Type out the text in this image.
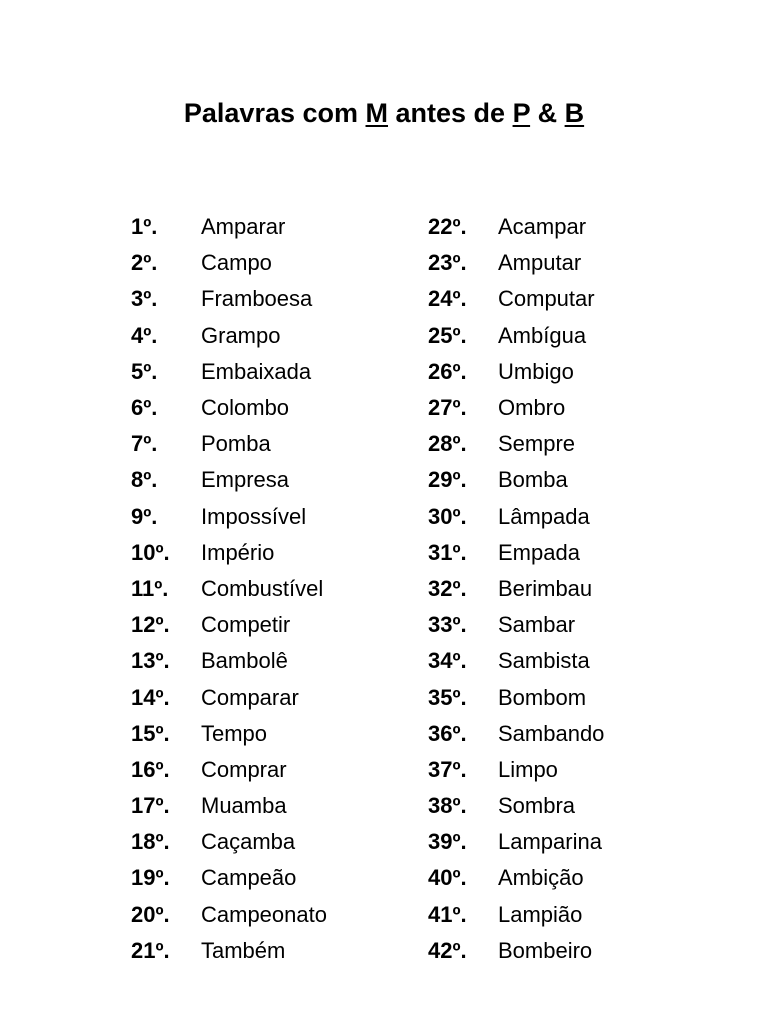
Palavras com M antes de P & B
1º.	Amparar
2º.	Campo
3º.	Framboesa
4º.	Grampo
5º.	Embaixada
6º.	Colombo
7º.	Pomba
8º.	Empresa
9º.	Impossível
10º.	Império
11º.	Combustível
12º.	Competir
13º.	Bambolê
14º.	Comparar
15º.	Tempo
16º.	Comprar
17º.	Muamba
18º.	Caçamba
19º.	Campeão
20º.	Campeonato
21º.	Também
22º.	Acampar
23º.	Amputar
24º.	Computar
25º.	Ambígua
26º.	Umbigo
27º.	Ombro
28º.	Sempre
29º.	Bomba
30º.	Lâmpada
31º.	Empada
32º.	Berimbau
33º.	Sambar
34º.	Sambista
35º.	Bombom
36º.	Sambando
37º.	Limpo
38º.	Sombra
39º.	Lamparina
40º.	Ambição
41º.	Lampião
42º.	Bombeiro
